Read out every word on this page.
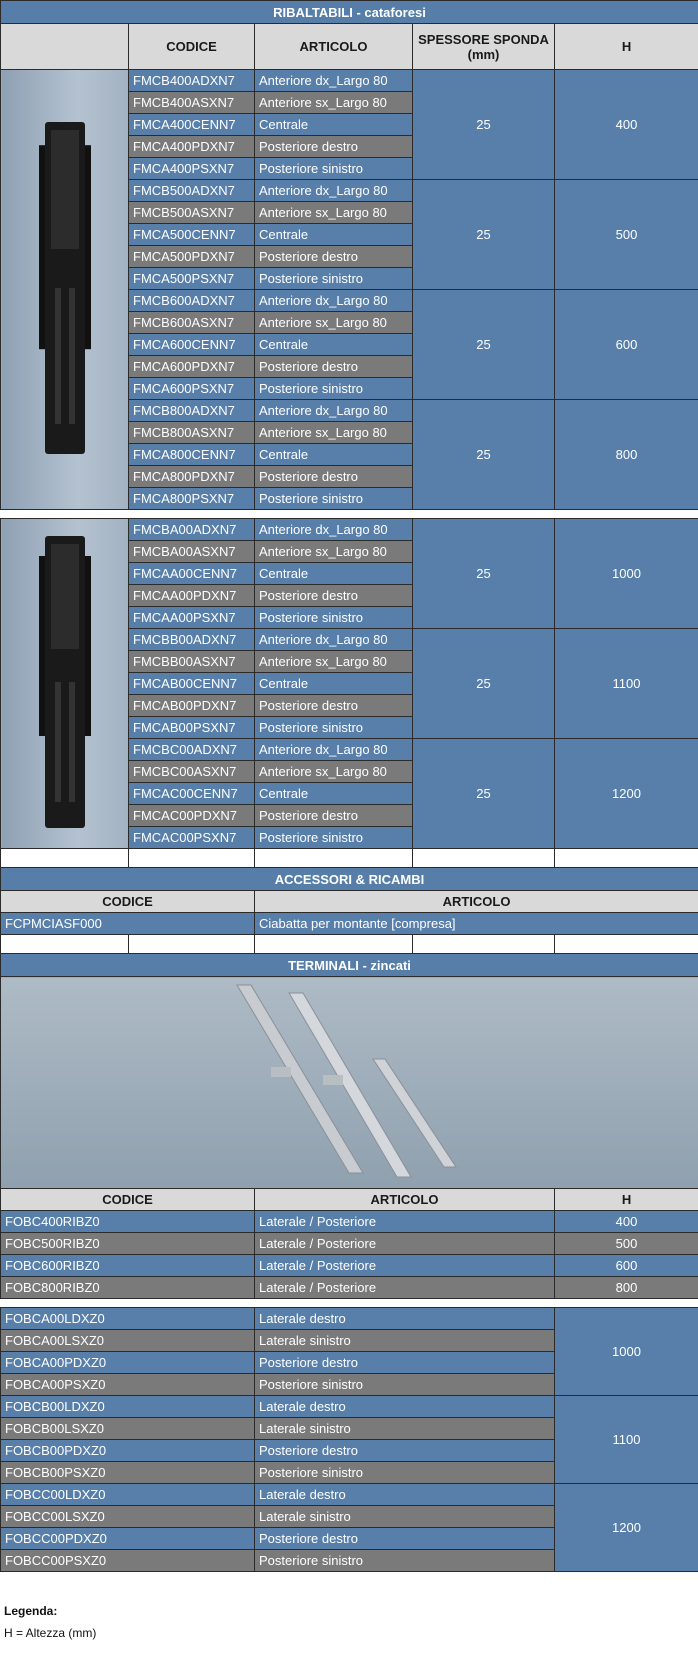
RIBALTABILI - cataforesi				
	CODICE	ARTICOLO	SPESSORE SPONDA (mm)	H
	FMCB400ADXN7	Anteriore dx_Largo 80	25	400
	FMCB400ASXN7	Anteriore sx_Largo 80		
	FMCA400CENN7	Centrale		
	FMCA400PDXN7	Posteriore destro		
	FMCA400PSXN7	Posteriore sinistro		
	FMCB500ADXN7	Anteriore dx_Largo 80	25	500
	FMCB500ASXN7	Anteriore sx_Largo 80		
	FMCA500CENN7	Centrale		
	FMCA500PDXN7	Posteriore destro		
	FMCA500PSXN7	Posteriore sinistro		
	FMCB600ADXN7	Anteriore dx_Largo 80	25	600
	FMCB600ASXN7	Anteriore sx_Largo 80		
	FMCA600CENN7	Centrale		
	FMCA600PDXN7	Posteriore destro		
	FMCA600PSXN7	Posteriore sinistro		
	FMCB800ADXN7	Anteriore dx_Largo 80	25	800
	FMCB800ASXN7	Anteriore sx_Largo 80		
	FMCA800CENN7	Centrale		
	FMCA800PDXN7	Posteriore destro		
	FMCA800PSXN7	Posteriore sinistro		

	FMCBA00ADXN7	Anteriore dx_Largo 80	25	1000
	FMCBA00ASXN7	Anteriore sx_Largo 80		
	FMCAA00CENN7	Centrale		
	FMCAA00PDXN7	Posteriore destro		
	FMCAA00PSXN7	Posteriore sinistro		
	FMCBB00ADXN7	Anteriore dx_Largo 80	25	1100
	FMCBB00ASXN7	Anteriore sx_Largo 80		
	FMCAB00CENN7	Centrale		
	FMCAB00PDXN7	Posteriore destro		
	FMCAB00PSXN7	Posteriore sinistro		
	FMCBC00ADXN7	Anteriore dx_Largo 80	25	1200
	FMCBC00ASXN7	Anteriore sx_Largo 80		
	FMCAC00CENN7	Centrale		
	FMCAC00PDXN7	Posteriore destro		
	FMCAC00PSXN7	Posteriore sinistro		

ACCESSORI & RICAMBI				
CODICE		ARTICOLO		
FCPMCIASF000		Ciabatta per montante [compresa]		

TERMINALI - zincati				

CODICE		ARTICOLO		H
FOBC400RIBZ0		Laterale / Posteriore		400
FOBC500RIBZ0		Laterale / Posteriore		500
FOBC600RIBZ0		Laterale / Posteriore		600
FOBC800RIBZ0		Laterale / Posteriore		800

FOBCA00LDXZ0		Laterale destro		1000
FOBCA00LSXZ0		Laterale sinistro		
FOBCA00PDXZ0		Posteriore destro		
FOBCA00PSXZ0		Posteriore sinistro		
FOBCB00LDXZ0		Laterale destro		1100
FOBCB00LSXZ0		Laterale sinistro		
FOBCB00PDXZ0		Posteriore destro		
FOBCB00PSXZ0		Posteriore sinistro		
FOBCC00LDXZ0		Laterale destro		1200
FOBCC00LSXZ0		Laterale sinistro		
FOBCC00PDXZ0		Posteriore destro		
FOBCC00PSXZ0		Posteriore sinistro		
Legenda:
H = Altezza (mm)
